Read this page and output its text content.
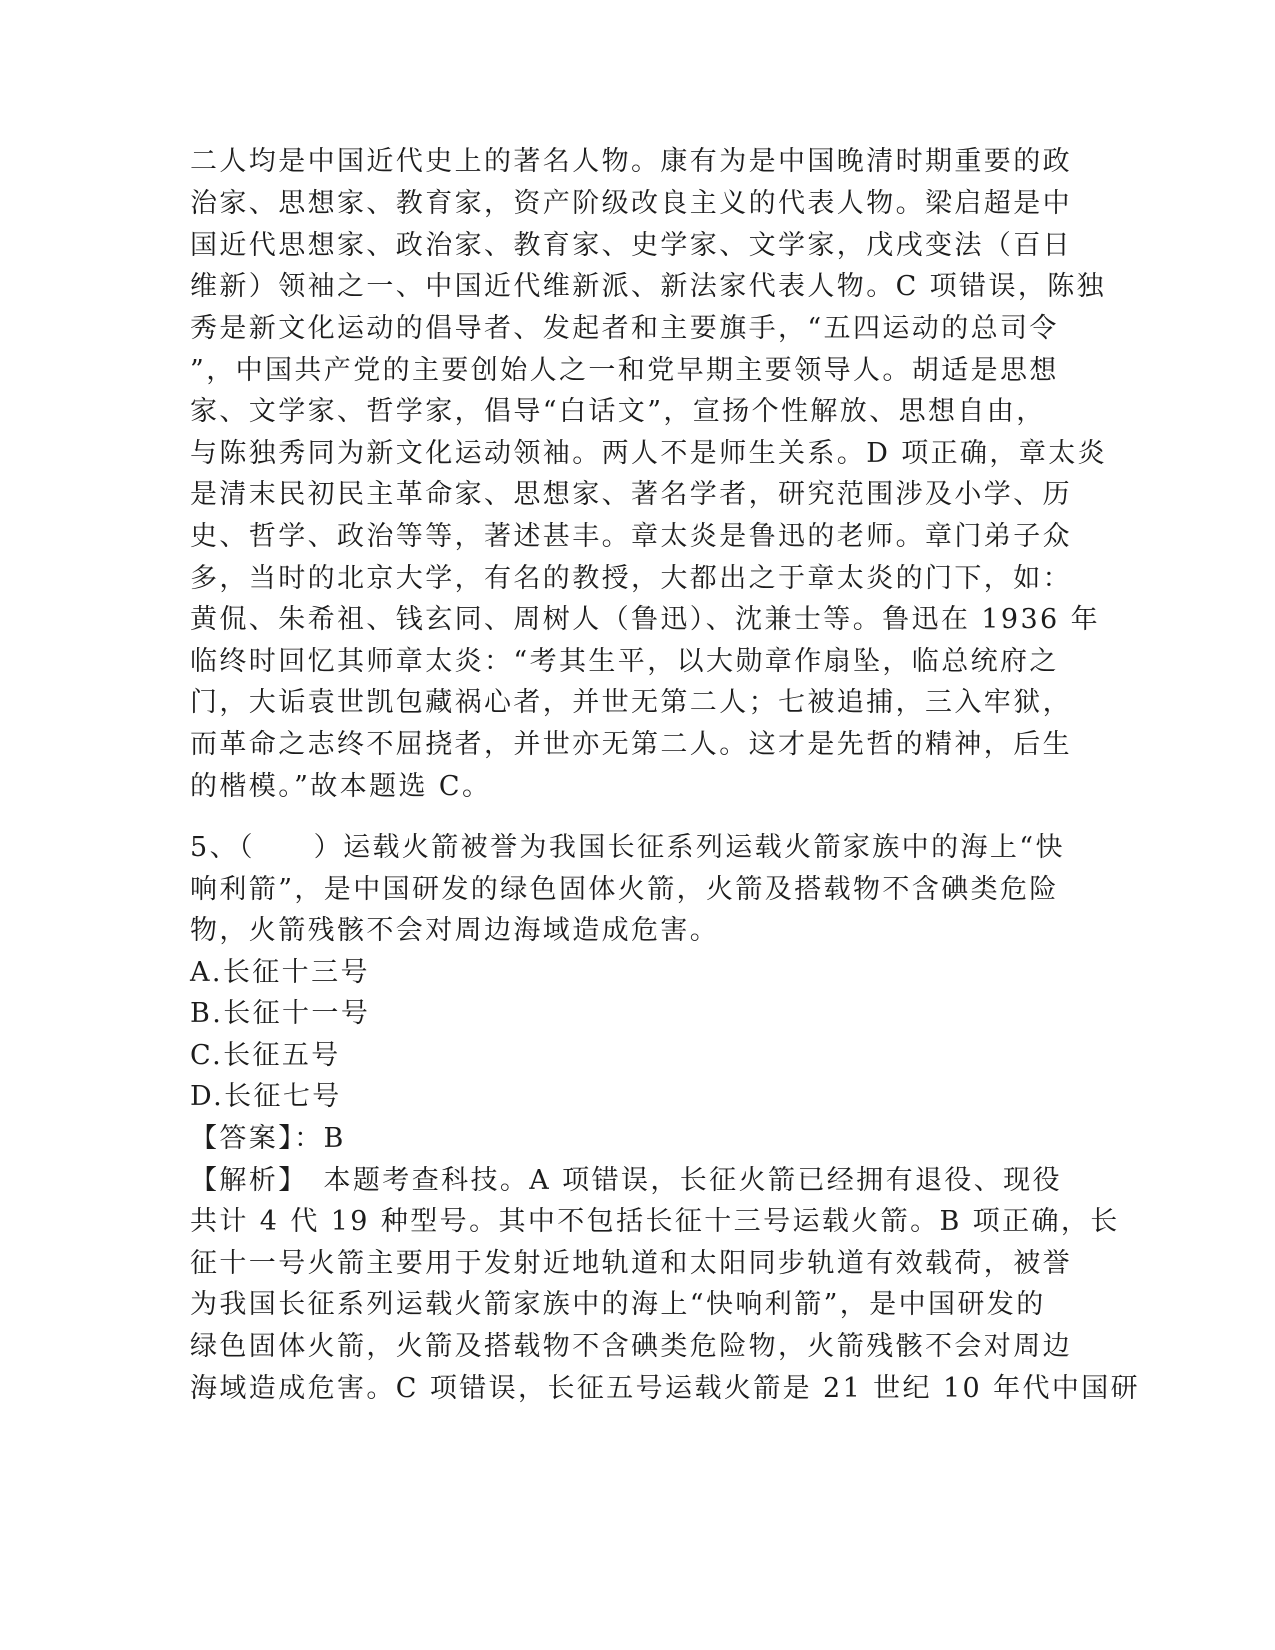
二人均是中国近代史上的著名人物。康有为是中国晚清时期重要的政
治家、思想家、教育家，资产阶级改良主义的代表人物。梁启超是中
国近代思想家、政治家、教育家、史学家、文学家，戊戌变法（百日
维新）领袖之一、中国近代维新派、新法家代表人物。C 项错误，陈独
秀是新文化运动的倡导者、发起者和主要旗手，“五四运动的总司令
”，中国共产党的主要创始人之一和党早期主要领导人。胡适是思想
家、文学家、哲学家，倡导“白话文”，宣扬个性解放、思想自由，
与陈独秀同为新文化运动领袖。两人不是师生关系。D 项正确，章太炎
是清末民初民主革命家、思想家、著名学者，研究范围涉及小学、历
史、哲学、政治等等，著述甚丰。章太炎是鲁迅的老师。章门弟子众
多，当时的北京大学，有名的教授，大都出之于章太炎的门下，如：
黄侃、朱希祖、钱玄同、周树人（鲁迅）、沈兼士等。鲁迅在 1936 年
临终时回忆其师章太炎：“考其生平，以大勋章作扇坠，临总统府之
门，大诟袁世凯包藏祸心者，并世无第二人；七被追捕，三入牢狱，
而革命之志终不屈挠者，并世亦无第二人。这才是先哲的精神，后生
的楷模。”故本题选 C。
5、（　　）运载火箭被誉为我国长征系列运载火箭家族中的海上“快
响利箭”，是中国研发的绿色固体火箭，火箭及搭载物不含碘类危险
物，火箭残骸不会对周边海域造成危害。
A.长征十三号
B.长征十一号
C.长征五号
D.长征七号
【答案】：B
【解析】　本题考查科技。A 项错误，长征火箭已经拥有退役、现役
共计 4 代 19 种型号。其中不包括长征十三号运载火箭。B 项正确，长
征十一号火箭主要用于发射近地轨道和太阳同步轨道有效载荷，被誉
为我国长征系列运载火箭家族中的海上“快响利箭”，是中国研发的
绿色固体火箭，火箭及搭载物不含碘类危险物，火箭残骸不会对周边
海域造成危害。C 项错误，长征五号运载火箭是 21 世纪 10 年代中国研
